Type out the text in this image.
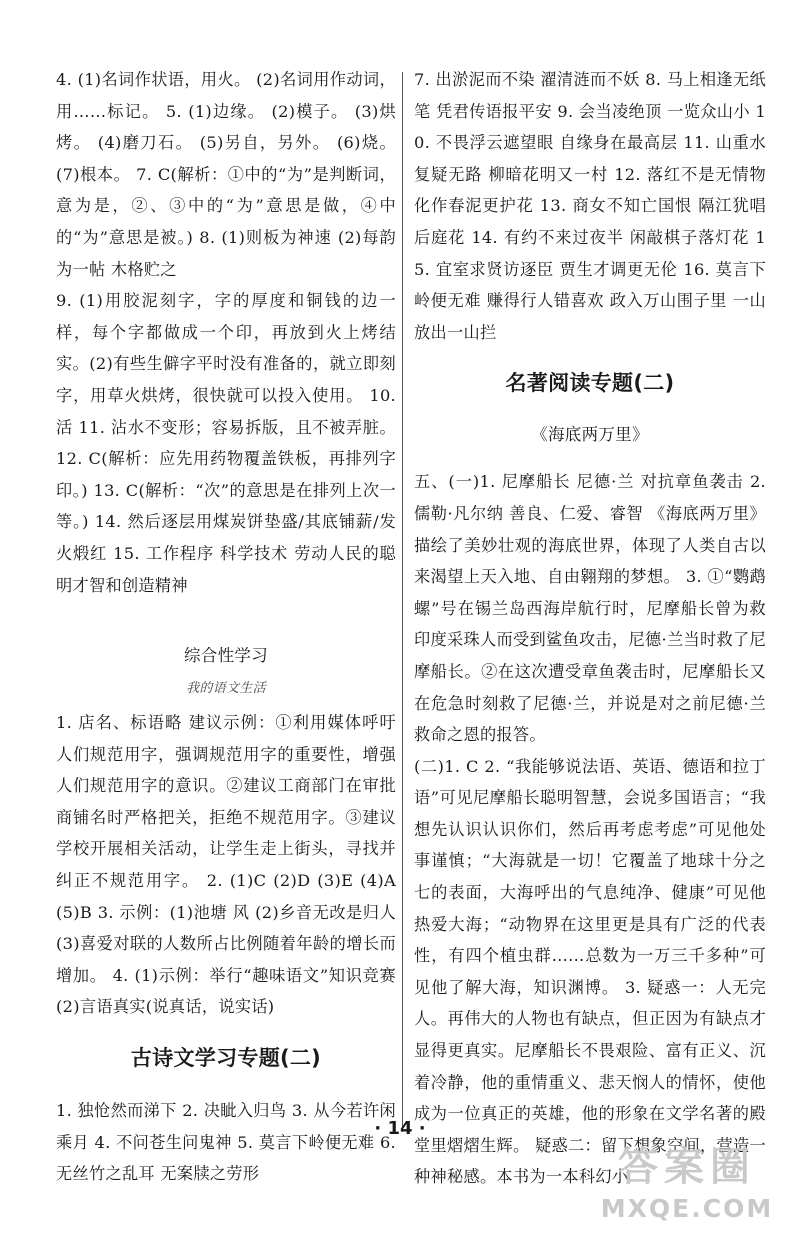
4. (1)名词作状语，用火。 (2)名词用作动词，用……标记。 5. (1)边缘。 (2)模子。 (3)烘烤。 (4)磨刀石。 (5)另自，另外。 (6)烧。 (7)根本。 7. C(解析：①中的“为”是判断词，意为是，②、③中的“为”意思是做，④中的“为”意思是被。) 8. (1)则板为神速 (2)每韵为一帖 木格贮之

9. (1)用胶泥刻字，字的厚度和铜钱的边一样，每个字都做成一个印，再放到火上烤结实。(2)有些生僻字平时没有准备的，就立即刻字，用草火烘烤，很快就可以投入使用。 10. 活 11. 沾水不变形；容易拆版，且不被弄脏。 12. C(解析：应先用药物覆盖铁板，再排列字印。) 13. C(解析：“次”的意思是在排列上次一等。) 14. 然后逐层用煤炭饼垫盛/其底铺薪/发火煅红 15. 工作程序 科学技术 劳动人民的聪明才智和创造精神

综合性学习
我的语文生活

1. 店名、标语略 建议示例：①利用媒体呼吁人们规范用字，强调规范用字的重要性，增强人们规范用字的意识。②建议工商部门在审批商铺名时严格把关，拒绝不规范用字。③建议学校开展相关活动，让学生走上街头，寻找并纠正不规范用字。 2. (1)C (2)D (3)E (4)A (5)B 3. 示例：(1)池塘 风 (2)乡音无改是归人 (3)喜爱对联的人数所占比例随着年龄的增长而增加。 4. (1)示例：举行“趣味语文”知识竞赛 (2)言语真实(说真话，说实话)

古诗文学习专题(二)

1. 独怆然而涕下 2. 决眦入归鸟 3. 从今若许闲乘月 4. 不问苍生问鬼神 5. 莫言下岭便无难 6. 无丝竹之乱耳 无案牍之劳形

7. 出淤泥而不染 濯清涟而不妖 8. 马上相逢无纸笔 凭君传语报平安 9. 会当凌绝顶 一览众山小 10. 不畏浮云遮望眼 自缘身在最高层 11. 山重水复疑无路 柳暗花明又一村 12. 落红不是无情物 化作春泥更护花 13. 商女不知亡国恨 隔江犹唱后庭花 14. 有约不来过夜半 闲敲棋子落灯花 15. 宜室求贤访逐臣 贾生才调更无伦 16. 莫言下岭便无难 赚得行人错喜欢 政入万山围子里 一山放出一山拦

名著阅读专题(二)
《海底两万里》

五、(一)1. 尼摩船长 尼德·兰 对抗章鱼袭击 2. 儒勒·凡尔纳 善良、仁爱、睿智 《海底两万里》描绘了美妙壮观的海底世界，体现了人类自古以来渴望上天入地、自由翱翔的梦想。 3. ①“鹦鹉螺”号在锡兰岛西海岸航行时，尼摩船长曾为救印度采珠人而受到鲨鱼攻击，尼德·兰当时救了尼摩船长。②在这次遭受章鱼袭击时，尼摩船长又在危急时刻救了尼德·兰，并说是对之前尼德·兰救命之恩的报答。

(二)1. C 2. “我能够说法语、英语、德语和拉丁语”可见尼摩船长聪明智慧，会说多国语言；“我想先认识认识你们，然后再考虑考虑”可见他处事谨慎；“大海就是一切！它覆盖了地球十分之七的表面，大海呼出的气息纯净、健康”可见他热爱大海；“动物界在这里更是具有广泛的代表性，有四个植虫群……总数为一万三千多种”可见他了解大海，知识渊博。 3. 疑惑一：人无完人。再伟大的人物也有缺点，但正因为有缺点才显得更真实。尼摩船长不畏艰险、富有正义、沉着冷静，他的重情重义、悲天悯人的情怀，使他成为一位真正的英雄，他的形象在文学名著的殿堂里熠熠生辉。 疑惑二：留下想象空间，营造一种神秘感。本书为一本科幻小

· 14 ·
答案圈
MXQE.COM
